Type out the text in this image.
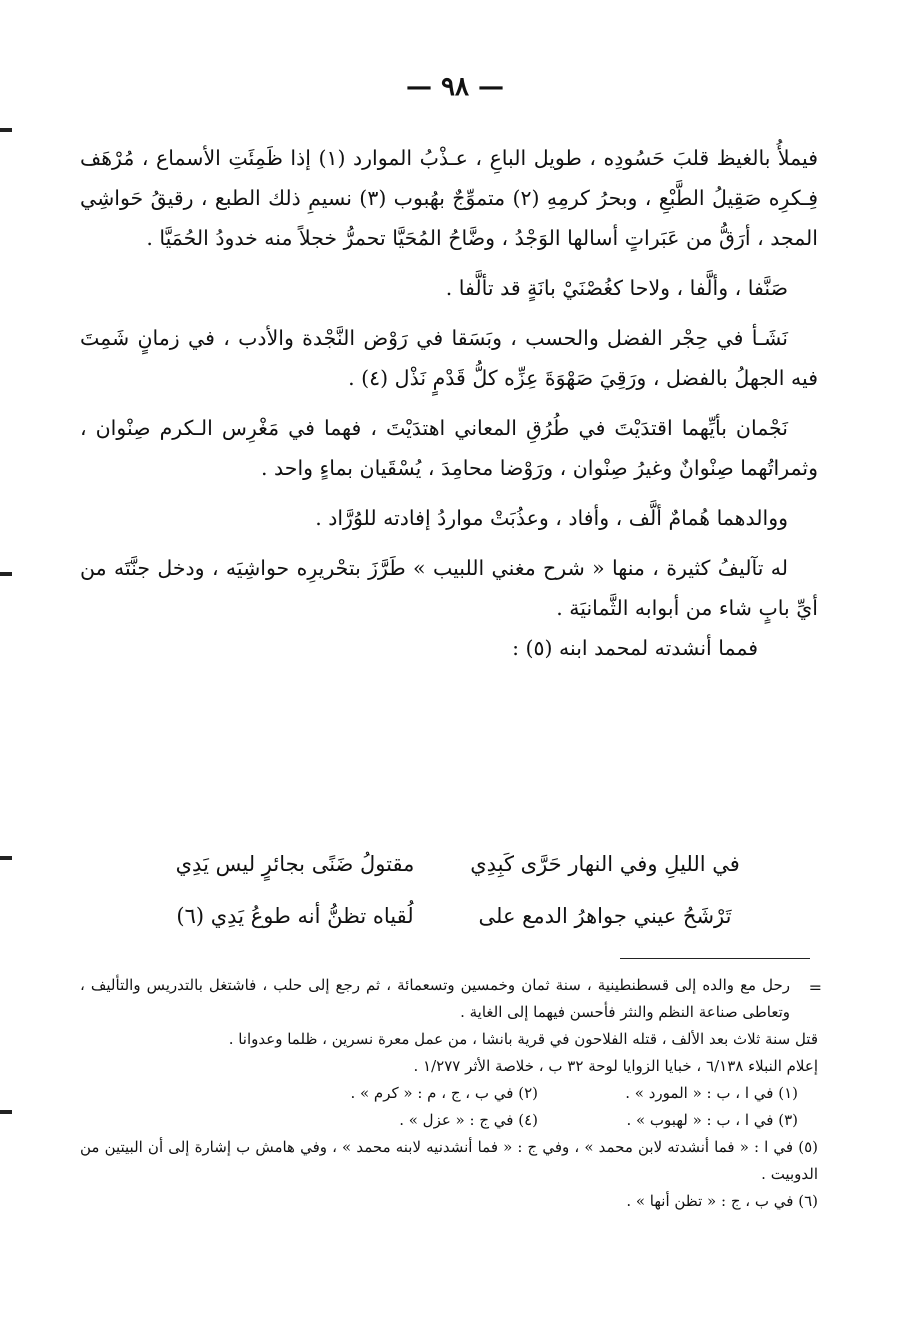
— ٩٨ —

فيملأُ بالغيظ قلبَ حَسُودِه ، طويل الباعِ ، عـذْبُ الموارد (١) إذا ظَمِئَتِ الأسماع ، مُرْهَف فِـكرِه صَقِيلُ الطَّبْعِ ، وبحرُ كرمِهِ (٢) متموِّجٌ بهُبوب (٣) نسيمِ ذلك الطبع ، رقيقُ حَواشِي المجد ، أرَقُّ من عَبَراتٍ أسالها الوَجْدُ ، وضَّاحُ المُحَيَّا تحمرُّ خجلاً منه خدودُ الحُمَيَّا .

صَنَّفا ، وألَّفا ، ولاحا كغُصْنَيْ بانَةٍ قد تألَّفا .

نَشَـأ في حِجْر الفضل والحسب ، وبَسَقا في رَوْض النَّجْدة والأدب ، في زمانٍ شَمِتَ فيه الجهلُ بالفضل ، ورَقِيَ صَهْوَةَ عِزِّه كلُّ قَدْمٍ نَذْل (٤) .

نَجْمان بأيِّهما اقتدَيْتَ في طُرُقِ المعاني اهتدَيْتَ ، فهما في مَغْرِس الـكرم صِنْوان ، وثمراتُهما صِنْوانٌ وغيرُ صِنْوان ، ورَوْضا محامِدَ ، يُسْقَيان بماءٍ واحد .

ووالدهما هُمامٌ ألَّف ، وأفاد ، وعذُبَتْ مواردُ إفادته للوُرَّاد .

له تآليفُ كثيرة ، منها « شرح مغني اللبيب » طَرَّزَ بتحْريرِه حواشِيَه ، ودخل جنَّتَه من أيِّ بابٍ شاء من أبوابه الثَّمانيَة .

فمما أنشدته لمحمد ابنه (٥) :

في الليلِ وفي النهار حَرَّى كَبِدِي
مقتولُ ضَنًى بجائرٍ ليس يَدِي
تَرْشَحُ عيني جواهرُ الدمع على
لُقياه تظنُّ أنه طوعُ يَدِي (٦)
=

رحل مع والده إلى قسطنطينية ، سنة ثمان وخمسين وتسعمائة ، ثم رجع إلى حلب ، فاشتغل بالتدريس والتأليف ، وتعاطى صناعة النظم والنثر فأحسن فيهما إلى الغاية .

قتل سنة ثلاث بعد الألف ، قتله الفلاحون في قرية بانشا ، من عمل معرة نسرين ، ظلما وعدوانا .

إعلام النبلاء ٦/١٣٨ ، خبايا الزوايا لوحة ٣٢ ب ، خلاصة الأثر ١/٢٧٧ .

(١) في ا ، ب : « المورد » .
(٢) في ب ، ج ، م : « كرم » .
(٣) في ا ، ب : « لهبوب » .
(٤) في ج : « عزل » .

(٥) في ا : « فما أنشدته لابن محمد » ، وفي ج : « فما أنشدنيه لابنه محمد » ، وفي هامش ب إشارة إلى أن البيتين من الدوبيت .

(٦) في ب ، ج : « تظن أنها » .
